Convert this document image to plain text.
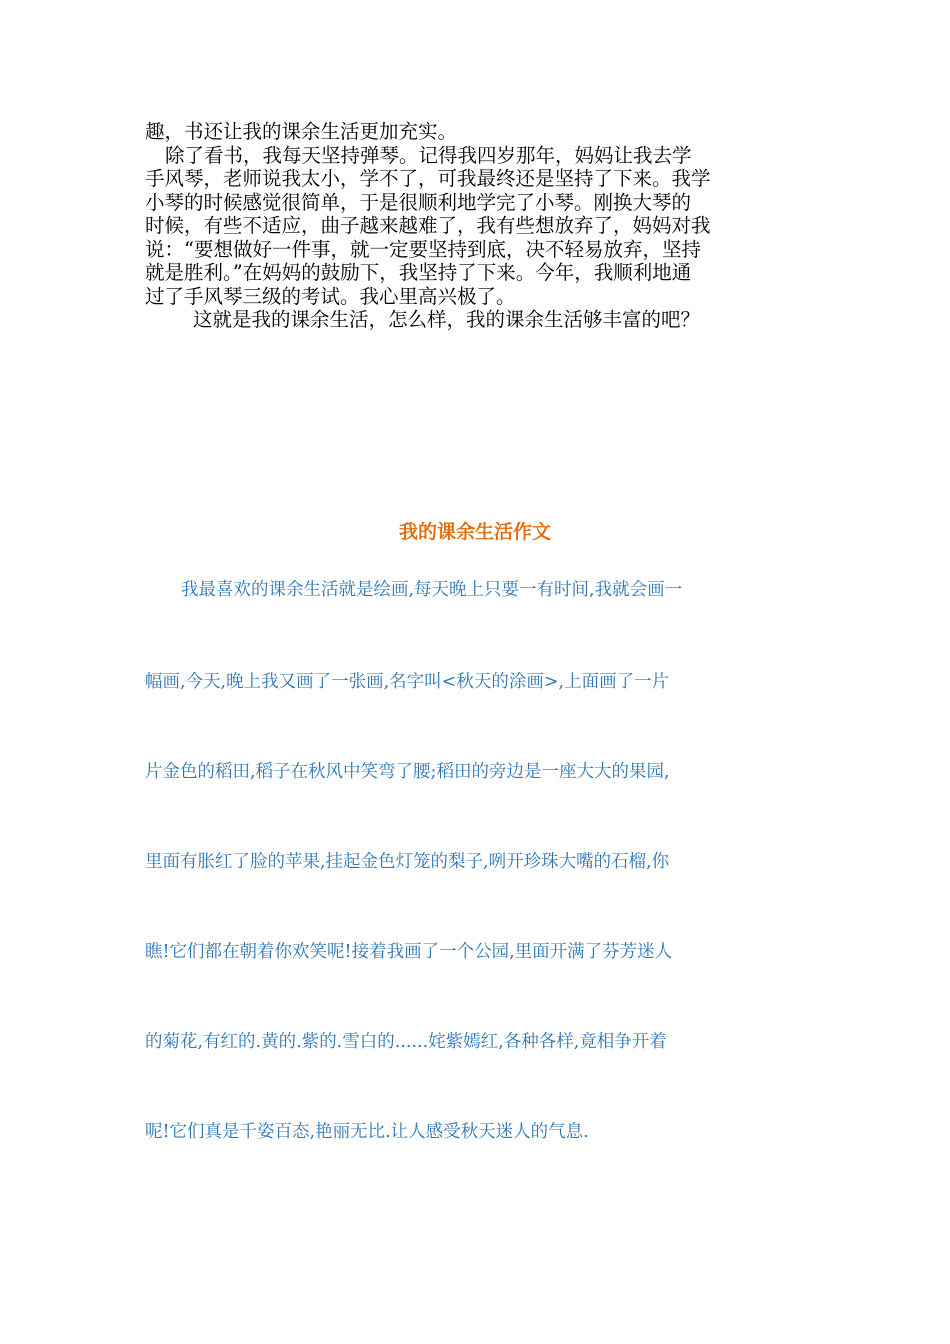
趣，书还让我的课余生活更加充实。
除了看书，我每天坚持弹琴。记得我四岁那年，妈妈让我去学
手风琴，老师说我太小，学不了，可我最终还是坚持了下来。我学
小琴的时候感觉很简单，于是很顺利地学完了小琴。刚换大琴的
时候，有些不适应，曲子越来越难了，我有些想放弃了，妈妈对我
说：“要想做好一件事，就一定要坚持到底，决不轻易放弃，坚持
就是胜利。”在妈妈的鼓励下，我坚持了下来。今年，我顺利地通
过了手风琴三级的考试。我心里高兴极了。
这就是我的课余生活，怎么样，我的课余生活够丰富的吧？
我的课余生活作文
我最喜欢的课余生活就是绘画,每天晚上只要一有时间,我就会画一
幅画,今天,晚上我又画了一张画,名字叫<秋天的涂画>,上面画了一片
片金色的稻田,稻子在秋风中笑弯了腰;稻田的旁边是一座大大的果园,
里面有胀红了脸的苹果,挂起金色灯笼的梨子,咧开珍珠大嘴的石榴,你
瞧!它们都在朝着你欢笑呢!接着我画了一个公园,里面开满了芬芳迷人
的菊花,有红的.黄的.紫的.雪白的......姹紫嫣红,各种各样,竟相争开着
呢!它们真是千姿百态,艳丽无比.让人感受秋天迷人的气息.
